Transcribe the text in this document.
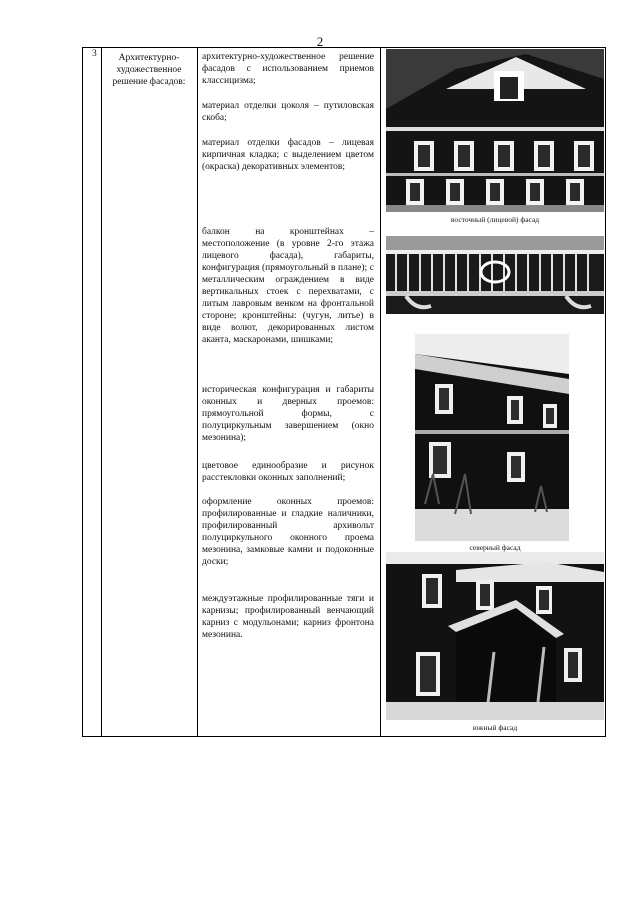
2
3	Архитектурно-художественное решение фасадов:

архитектурно-художественное решение фасадов с использованием приемов классицизма;

материал отделки цоколя – путиловская скоба;

материал отделки фасадов – лицевая кирпичная кладка; с выделением цветом (окраска) декоративных элементов;

балкон на кронштейнах – местоположение (в уровне 2-го этажа лицевого фасада), габариты, конфигурация (прямоугольный в плане); с металлическим ограждением в виде вертикальных стоек с перехватами, с литым лавровым венком на фронтальной стороне; кронштейны: (чугун, литье) в виде волют, декорированных листом аканта, маскаронами, шишками;

историческая конфигурация и габариты оконных и дверных проемов: прямоугольной формы, с полуциркульным завершением (окно мезонина);

цветовое единообразие и рисунок расстекловки оконных заполнений;

оформление оконных проемов: профилированные и гладкие наличники, профилированный архивольт полуциркульного оконного проема мезонина, замковые камни и подоконные доски;

междуэтажные профилированные тяги и карнизы; профилированный венчающий карниз с модульонами; карниз фронтона мезонина.

восточный (лицевой) фасад
северный фасад
южный фасад
